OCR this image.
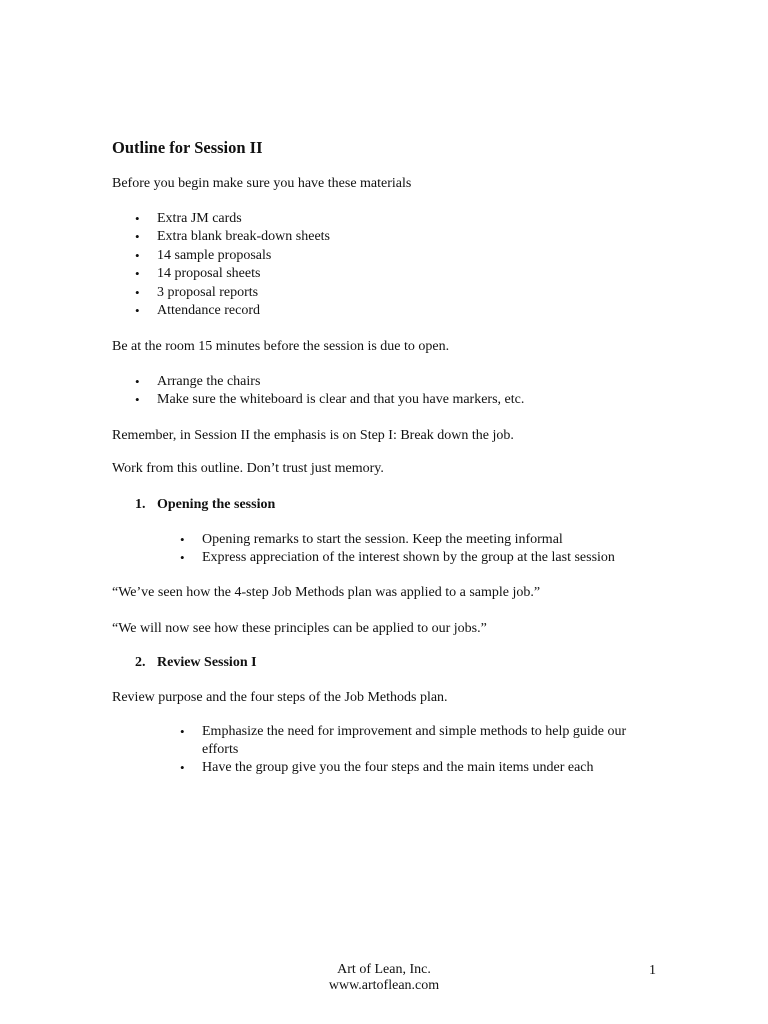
Outline for Session II
Before you begin make sure you have these materials
• Extra JM cards
• Extra blank break-down sheets
• 14 sample proposals
• 14 proposal sheets
• 3 proposal reports
• Attendance record
Be at the room 15 minutes before the session is due to open.
• Arrange the chairs
• Make sure the whiteboard is clear and that you have markers, etc.
Remember, in Session II the emphasis is on Step I: Break down the job.
Work from this outline. Don’t trust just memory.
1. Opening the session
• Opening remarks to start the session. Keep the meeting informal
• Express appreciation of the interest shown by the group at the last session
“We’ve seen how the 4-step Job Methods plan was applied to a sample job.”
“We will now see how these principles can be applied to our jobs.”
2. Review Session I
Review purpose and the four steps of the Job Methods plan.
• Emphasize the need for improvement and simple methods to help guide our efforts
• Have the group give you the four steps and the main items under each
Art of Lean, Inc.
www.artoflean.com
1
